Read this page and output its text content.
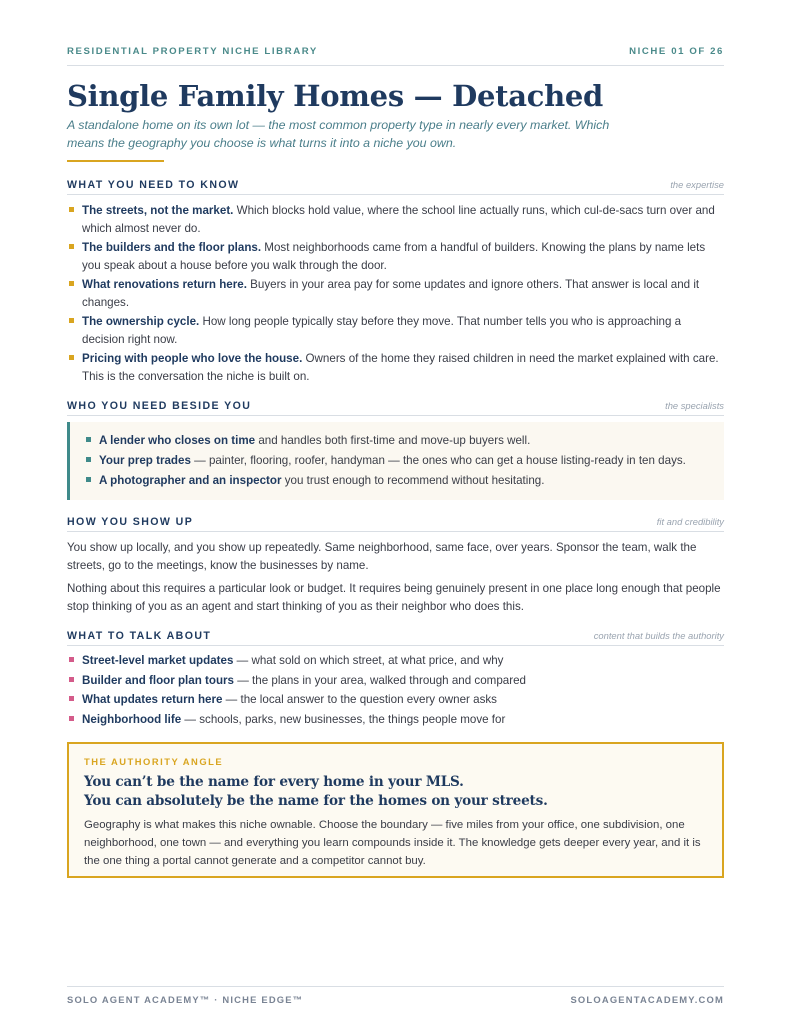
RESIDENTIAL PROPERTY NICHE LIBRARY	NICHE 01 OF 26
Single Family Homes — Detached
A standalone home on its own lot — the most common property type in nearly every market. Which means the geography you choose is what turns it into a niche you own.
WHAT YOU NEED TO KNOW	the expertise
The streets, not the market. Which blocks hold value, where the school line actually runs, which cul-de-sacs turn over and which almost never do.
The builders and the floor plans. Most neighborhoods came from a handful of builders. Knowing the plans by name lets you speak about a house before you walk through the door.
What renovations return here. Buyers in your area pay for some updates and ignore others. That answer is local and it changes.
The ownership cycle. How long people typically stay before they move. That number tells you who is approaching a decision right now.
Pricing with people who love the house. Owners of the home they raised children in need the market explained with care. This is the conversation the niche is built on.
WHO YOU NEED BESIDE YOU	the specialists
A lender who closes on time and handles both first-time and move-up buyers well.
Your prep trades — painter, flooring, roofer, handyman — the ones who can get a house listing-ready in ten days.
A photographer and an inspector you trust enough to recommend without hesitating.
HOW YOU SHOW UP	fit and credibility

You show up locally, and you show up repeatedly. Same neighborhood, same face, over years. Sponsor the team, walk the streets, go to the meetings, know the businesses by name.

Nothing about this requires a particular look or budget. It requires being genuinely present in one place long enough that people stop thinking of you as an agent and start thinking of you as their neighbor who does this.

WHAT TO TALK ABOUT	content that builds the authority
Street-level market updates — what sold on which street, at what price, and why
Builder and floor plan tours — the plans in your area, walked through and compared
What updates return here — the local answer to the question every owner asks
Neighborhood life — schools, parks, new businesses, the things people move for
THE AUTHORITY ANGLE
You can’t be the name for every home in your MLS.
You can absolutely be the name for the homes on your streets.

Geography is what makes this niche ownable. Choose the boundary — five miles from your office, one subdivision, one neighborhood, one town — and everything you learn compounds inside it. The knowledge gets deeper every year, and it is the one thing a portal cannot generate and a competitor cannot buy.

SOLO AGENT ACADEMY™ · NICHE EDGE™	SOLOAGENTACADEMY.COM
